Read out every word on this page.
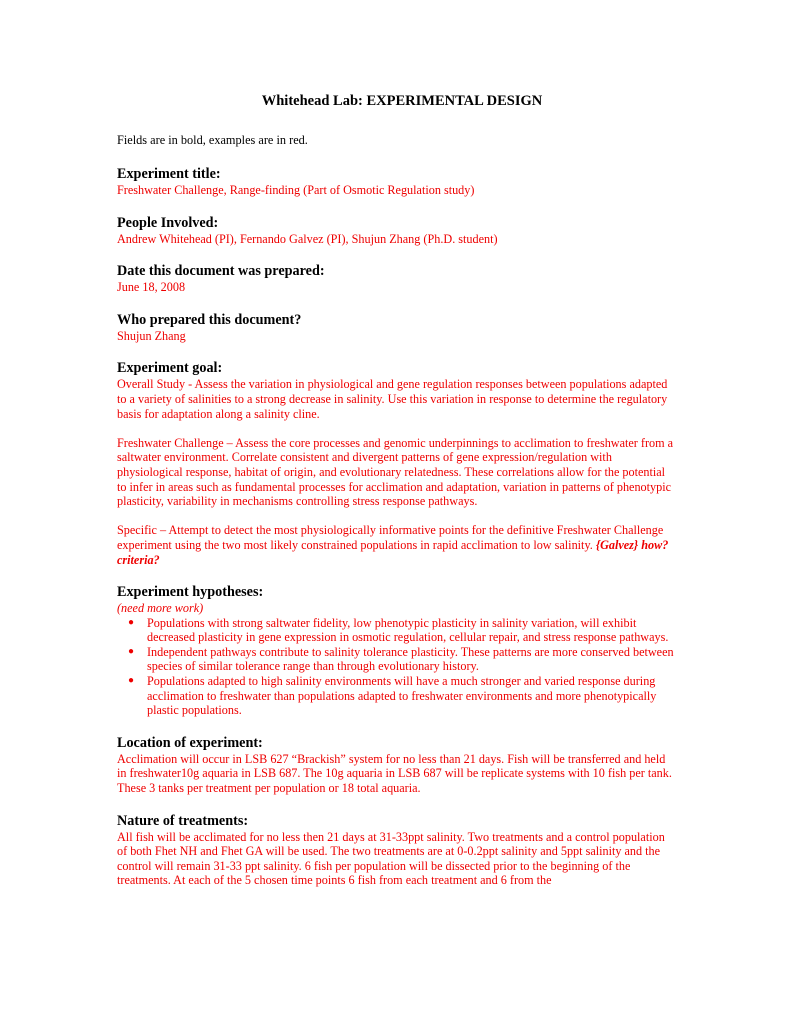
Whitehead Lab: EXPERIMENTAL DESIGN

Fields are in bold, examples are in red.

Experiment title:

Freshwater Challenge, Range-finding (Part of Osmotic Regulation study)

People Involved:

Andrew Whitehead (PI), Fernando Galvez (PI), Shujun Zhang (Ph.D. student)

Date this document was prepared:

June 18, 2008

Who prepared this document?

Shujun Zhang

Experiment goal:

Overall Study - Assess the variation in physiological and gene regulation responses between populations adapted to a variety of salinities to a strong decrease in salinity. Use this variation in response to determine the regulatory basis for adaptation along a salinity cline.

Freshwater Challenge – Assess the core processes and genomic underpinnings to acclimation to freshwater from a saltwater environment. Correlate consistent and divergent patterns of gene expression/regulation with physiological response, habitat of origin, and evolutionary relatedness. These correlations allow for the potential to infer in areas such as fundamental processes for acclimation and adaptation, variation in patterns of phenotypic plasticity, variability in mechanisms controlling stress response pathways.

Specific – Attempt to detect the most physiologically informative points for the definitive Freshwater Challenge experiment using the two most likely constrained populations in rapid acclimation to low salinity. {Galvez} how?criteria?

Experiment hypotheses:

(need more work)

● Populations with strong saltwater fidelity, low phenotypic plasticity in salinity variation, will exhibit decreased plasticity in gene expression in osmotic regulation, cellular repair, and stress response pathways.
● Independent pathways contribute to salinity tolerance plasticity. These patterns are more conserved between species of similar tolerance range than through evolutionary history.
● Populations adapted to high salinity environments will have a much stronger and varied response during acclimation to freshwater than populations adapted to freshwater environments and more phenotypically plastic populations.

Location of experiment:

Acclimation will occur in LSB 627 “Brackish” system for no less than 21 days. Fish will be transferred and held in freshwater10g aquaria in LSB 687. The 10g aquaria in LSB 687 will be replicate systems with 10 fish per tank. These 3 tanks per treatment per population or 18 total aquaria.

Nature of treatments:

All fish will be acclimated for no less then 21 days at 31-33ppt salinity. Two treatments and a control population of both Fhet NH and Fhet GA will be used. The two treatments are at 0-0.2ppt salinity and 5ppt salinity and the control will remain 31-33 ppt salinity. 6 fish per population will be dissected prior to the beginning of the treatments. At each of the 5 chosen time points 6 fish from each treatment and 6 from the
